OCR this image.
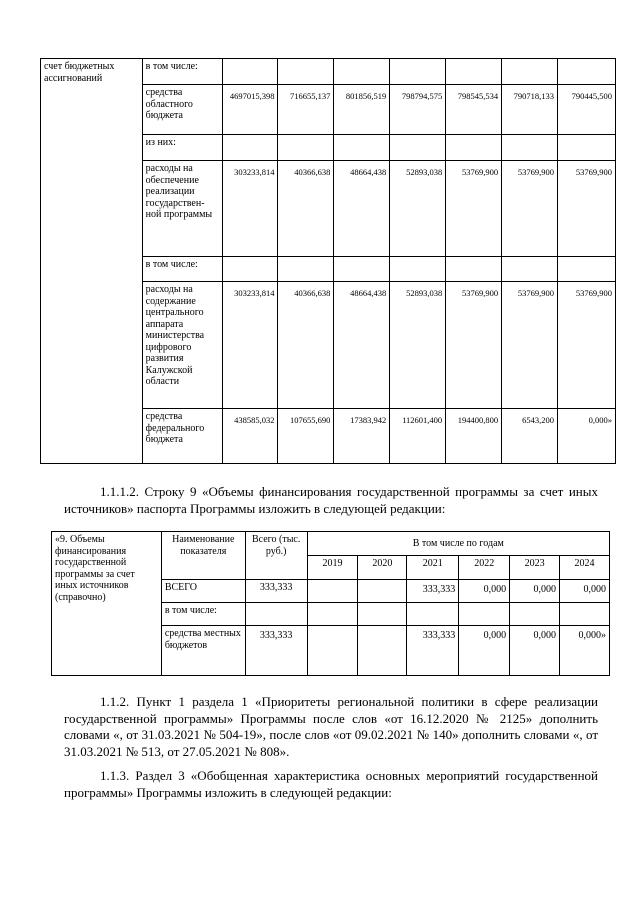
счет бюджетных ассигнований	в том числе:							
	средства областного бюджета	4697015,398	716655,137	801856,519	798794,575	798545,534	790718,133	790445,500
	из них:							
	расходы на обеспечение реализации государствен-ной программы	303233,814	40366,638	48664,438	52893,038	53769,900	53769,900	53769,900
	в том числе:							
	расходы на содержание центрального аппарата министерства цифрового развития Калужской области	303233,814	40366,638	48664,438	52893,038	53769,900	53769,900	53769,900
	средства федерального бюджета	438585,032	107655,690	17383,942	112601,400	194400,800	6543,200	0,000»
1.1.1.2. Строку 9 «Объемы финансирования государственной программы за счет иных источников» паспорта Программы изложить в следующей редакции:
«9. Объемы финансирования государственной программы за счет иных источников (справочно)	Наименование показателя	Всего (тыс. руб.)	В том числе по годам					
			2019	2020	2021	2022	2023	2024
	ВСЕГО	333,333			333,333	0,000	0,000	0,000
	в том числе:							
	средства местных бюджетов	333,333			333,333	0,000	0,000	0,000»
1.1.2. Пункт 1 раздела 1 «Приоритеты региональной политики в сфере реализации государственной программы» Программы после слов «от 16.12.2020 № 2125» дополнить словами «, от 31.03.2021 № 504-19», после слов «от 09.02.2021 № 140» дополнить словами «, от 31.03.2021 № 513, от 27.05.2021 № 808».
1.1.3. Раздел 3 «Обобщенная характеристика основных мероприятий государственной программы» Программы изложить в следующей редакции:
